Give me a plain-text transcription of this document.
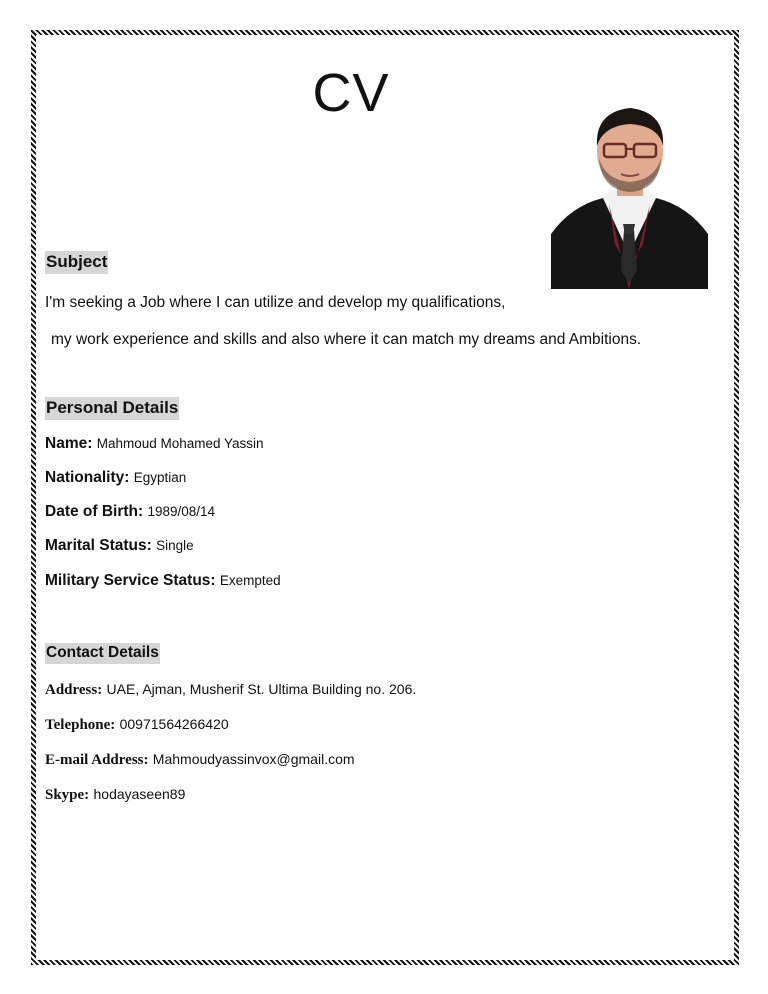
CV
Subject
I'm seeking a Job where I can utilize and develop my qualifications,
my work experience and skills and also where it can match my dreams and Ambitions.
Personal Details
Name: Mahmoud Mohamed Yassin
Nationality: Egyptian
Date of Birth: 1989/08/14
Marital Status: Single
Military Service Status: Exempted
Contact Details
Address: UAE, Ajman, Musherif St. Ultima Building no. 206.
Telephone: 00971564266420
E-mail Address: Mahmoudyassinvox@gmail.com
Skype: hodayaseen89
